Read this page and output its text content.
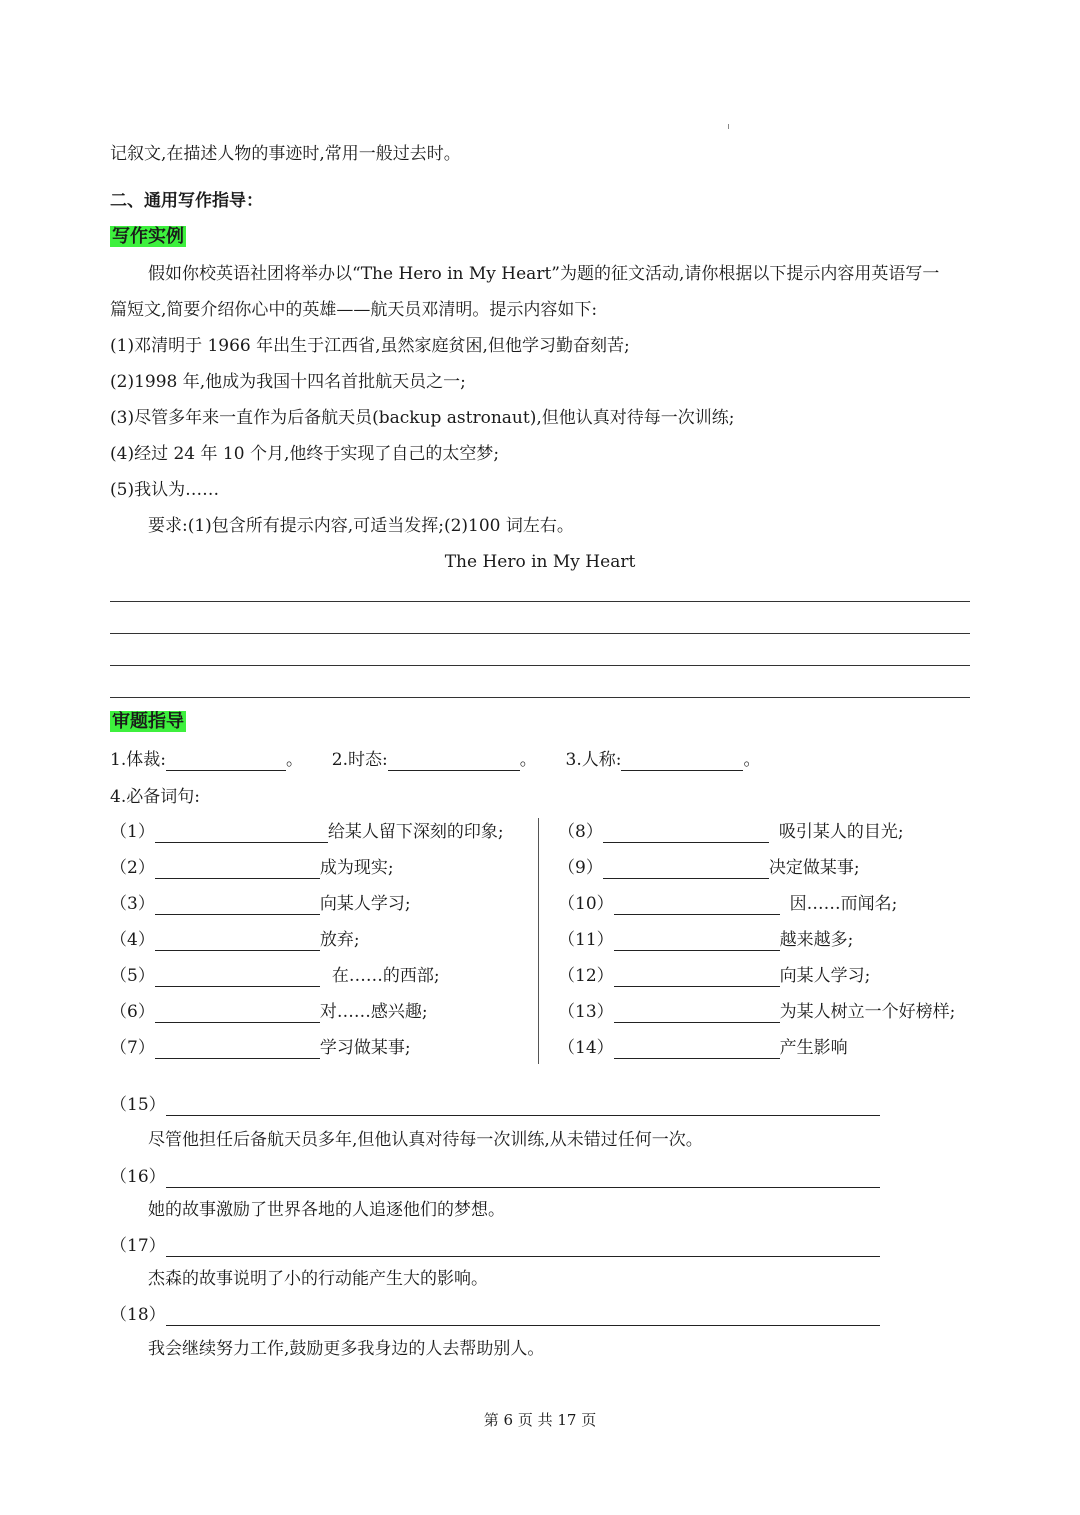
记叙文,在描述人物的事迹时,常用一般过去时。
二、通用写作指导：
写作实例
假如你校英语社团将举办以“The Hero in My Heart”为题的征文活动,请你根据以下提示内容用英语写一
篇短文,简要介绍你心中的英雄——航天员邓清明。提示内容如下:
(1)邓清明于 1966 年出生于江西省,虽然家庭贫困,但他学习勤奋刻苦;
(2)1998 年,他成为我国十四名首批航天员之一;
(3)尽管多年来一直作为后备航天员(backup astronaut),但他认真对待每一次训练;
(4)经过 24 年 10 个月,他终于实现了自己的太空梦;
(5)我认为……
要求:(1)包含所有提示内容,可适当发挥;(2)100 词左右。
The Hero in My Heart
审题指导
1.体裁:	。 2.时态:	。 3.人称:	。
4.必备词句:
（1）	给某人留下深刻的印象;
（2）	成为现实;
（3）	向某人学习;
（4）	放弃;
（5）	在……的西部;
（6）	对……感兴趣;
（7）	学习做某事;
（8）	吸引某人的目光;
（9）	决定做某事;
（10）	因……而闻名;
（11）	越来越多;
（12）	向某人学习;
（13）	为某人树立一个好榜样;
（14）	产生影响
（15）
尽管他担任后备航天员多年,但他认真对待每一次训练,从未错过任何一次。
（16）
她的故事激励了世界各地的人追逐他们的梦想。
（17）
杰森的故事说明了小的行动能产生大的影响。
（18）
我会继续努力工作,鼓励更多我身边的人去帮助别人。
第 6 页 共 17 页
